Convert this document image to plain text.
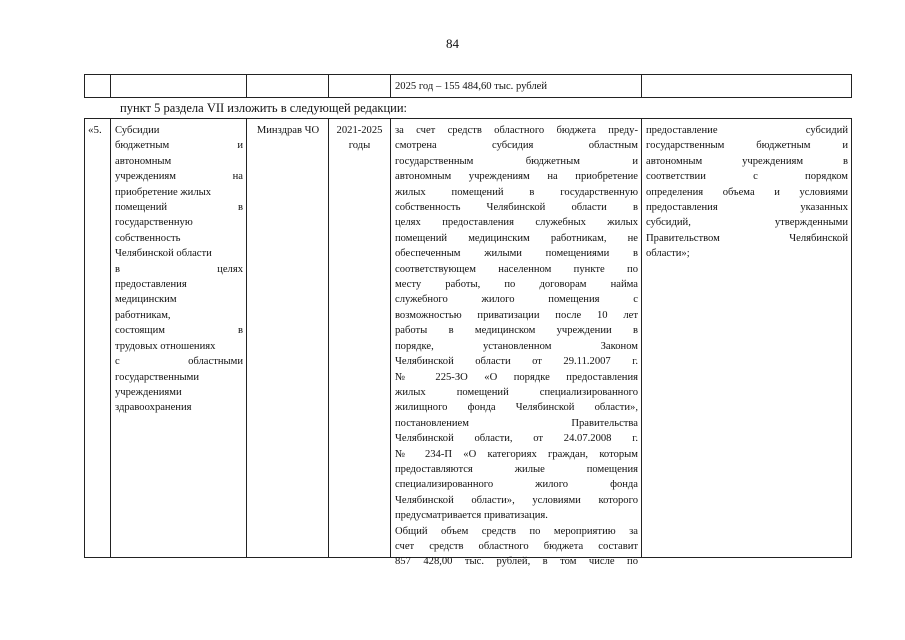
84
2025 год – 155 484,60 тыс. рублей
пункт 5 раздела VII изложить в следующей редакции:
«5.	Субсидии
бюджетным и
автономным
учреждениям на
приобретение жилых
помещений в
государственную
собственность
Челябинской области
в целях
предоставления
медицинским
работникам,
состоящим в
трудовых отношениях
с областными
государственными
учреждениями
здравоохранения
Минздрав ЧО	2021-2025
годы
за счет средств областного бюджета преду-
смотрена субсидия областным
государственным бюджетным и
автономным учреждениям на приобретение
жилых помещений в государственную
собственность Челябинской области в
целях предоставления служебных жилых
помещений медицинским работникам, не
обеспеченным жилыми помещениями в
соответствующем населенном пункте по
месту работы, по договорам найма
служебного жилого помещения с
возможностью приватизации после 10 лет
работы в медицинском учреждении в
порядке, установленном Законом
Челябинской области от 29.11.2007 г.
№ 225-ЗО «О порядке предоставления
жилых помещений специализированного
жилищного фонда Челябинской области»,
постановлением Правительства
Челябинской области, от 24.07.2008 г.
№ 234-П «О категориях граждан, которым
предоставляются жилые помещения
специализированного жилого фонда
Челябинской области», условиями которого
предусматривается приватизация.
Общий объем средств по мероприятию за
счет средств областного бюджета составит
857 428,00 тыс. рублей, в том числе по
предоставление субсидий
государственным бюджетным и
автономным учреждениям в
соответствии с порядком
определения объема и условиями
предоставления указанных
субсидий, утвержденными
Правительством Челябинской
области»;
